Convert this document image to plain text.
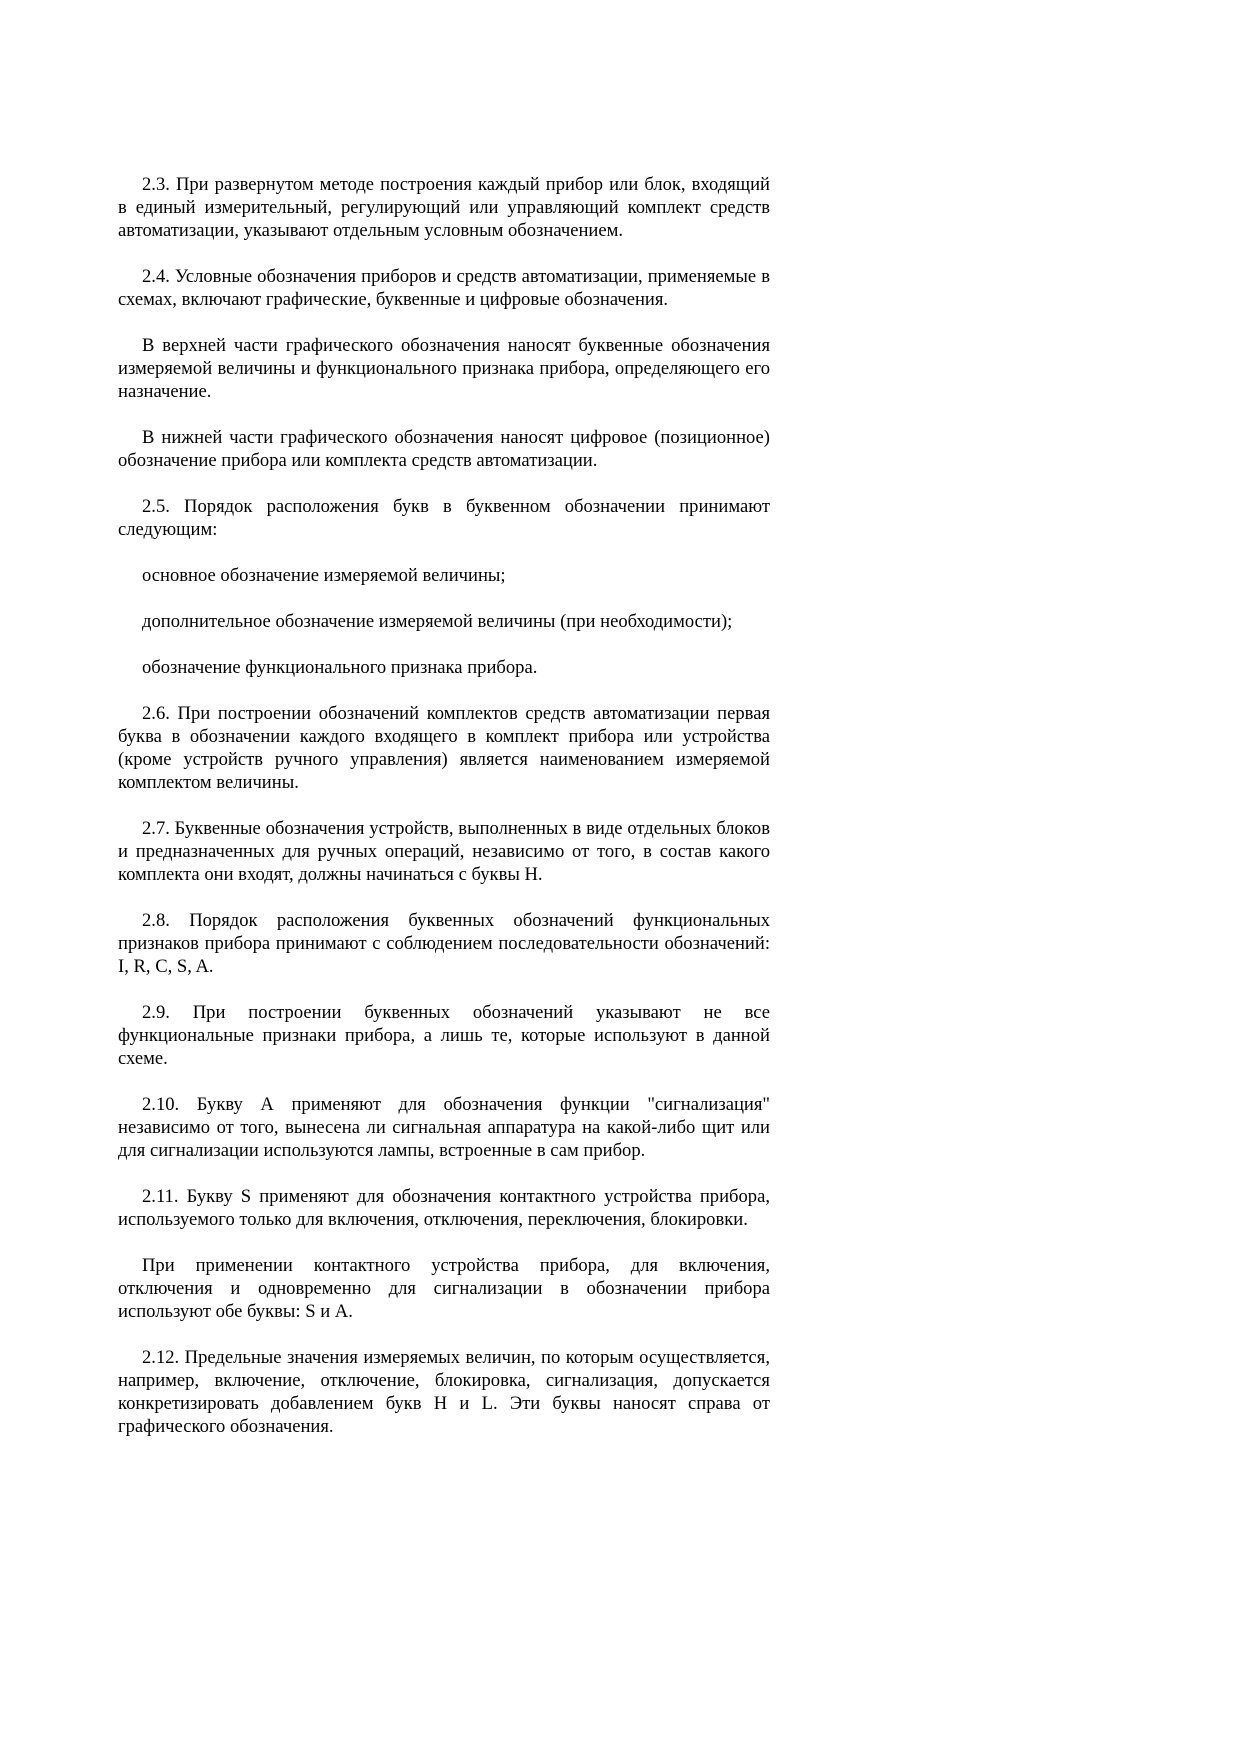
2.3. При развернутом методе построения каждый прибор или блок, входящий в единый измерительный, регулирующий или управляющий комплект средств автоматизации, указывают отдельным условным обозначением.

2.4. Условные обозначения приборов и средств автоматизации, применяемые в схемах, включают графические, буквенные и цифровые обозначения.

В верхней части графического обозначения наносят буквенные обозначения измеряемой величины и функционального признака прибора, определяющего его назначение.

В нижней части графического обозначения наносят цифровое (позиционное) обозначение прибора или комплекта средств автоматизации.

2.5. Порядок расположения букв в буквенном обозначении принимают следующим:

основное обозначение измеряемой величины;

дополнительное обозначение измеряемой величины (при необходимости);

обозначение функционального признака прибора.

2.6. При построении обозначений комплектов средств автоматизации первая буква в обозначении каждого входящего в комплект прибора или устройства (кроме устройств ручного управления) является наименованием измеряемой комплектом величины.

2.7. Буквенные обозначения устройств, выполненных в виде отдельных блоков и предназначенных для ручных операций, независимо от того, в состав какого комплекта они входят, должны начинаться с буквы Н.

2.8. Порядок расположения буквенных обозначений функциональных признаков прибора принимают с соблюдением последовательности обозначений: I, R, C, S, A.

2.9. При построении буквенных обозначений указывают не все функциональные признаки прибора, а лишь те, которые используют в данной схеме.

2.10. Букву А применяют для обозначения функции "сигнализация" независимо от того, вынесена ли сигнальная аппаратура на какой-либо щит или для сигнализации используются лампы, встроенные в сам прибор.

2.11. Букву S применяют для обозначения контактного устройства прибора, используемого только для включения, отключения, переключения, блокировки.

При применении контактного устройства прибора, для включения, отключения и одновременно для сигнализации в обозначении прибора используют обе буквы: S и А.

2.12. Предельные значения измеряемых величин, по которым осуществляется, например, включение, отключение, блокировка, сигнализация, допускается конкретизировать добавлением букв Н и L. Эти буквы наносят справа от графического обозначения.
